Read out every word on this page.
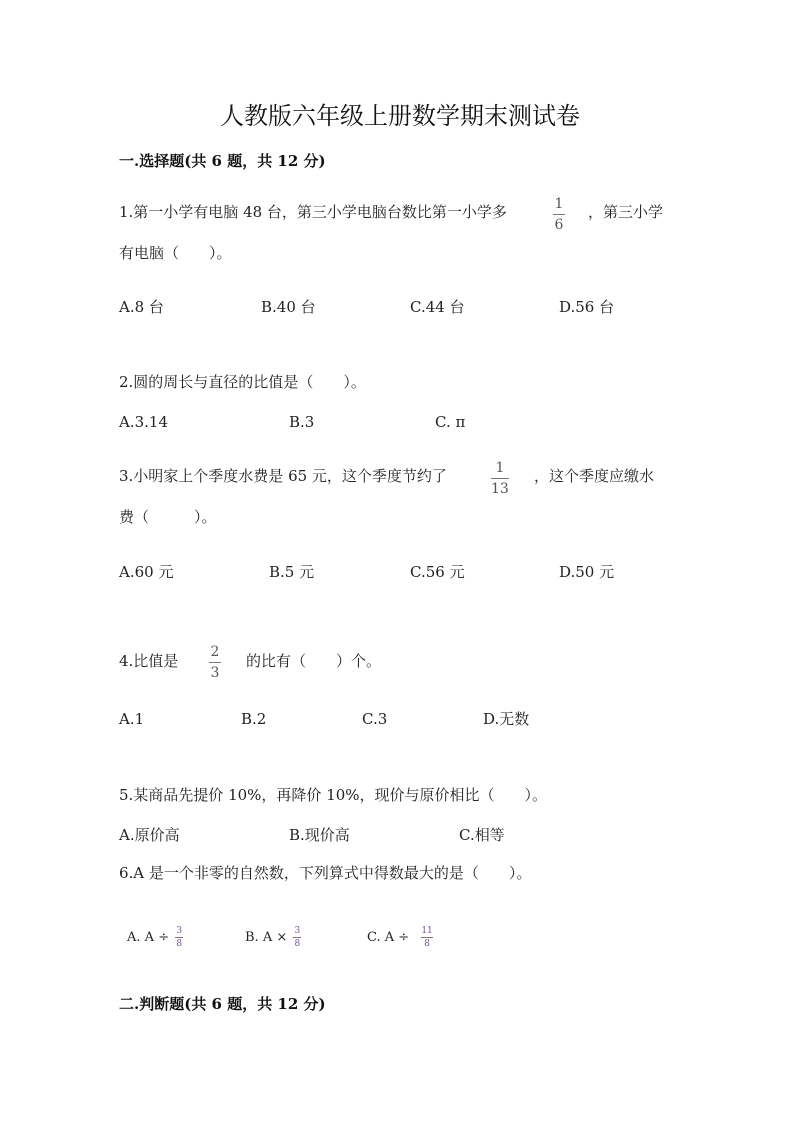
人教版六年级上册数学期末测试卷
一.选择题(共 6 题，共 12 分)
1.第一小学有电脑 48 台，第三小学电脑台数比第一小学多	1
6
，第三小学
有电脑（　　）。
A.8 台	B.40 台	C.44 台	D.56 台
2.圆的周长与直径的比值是（　　）。
A.3.14	B.3	C. π
3.小明家上个季度水费是 65 元，这个季度节约了	1
13
，这个季度应缴水
费（　　　）。
A.60 元	B.5 元	C.56 元	D.50 元
4.比值是 2
3
的比有（　　）个。
A.1	B.2	C.3	D.无数
5.某商品先提价 10%，再降价 10%，现价与原价相比（　　）。
A.原价高	B.现价高	C.相等
6.A 是一个非零的自然数，下列算式中得数最大的是（　　）。
A. $A \div \frac{3}{8}$	B. $A \times \frac{3}{8}$	C. $A \div \frac{11}{8}$
二.判断题(共 6 题，共 12 分)
